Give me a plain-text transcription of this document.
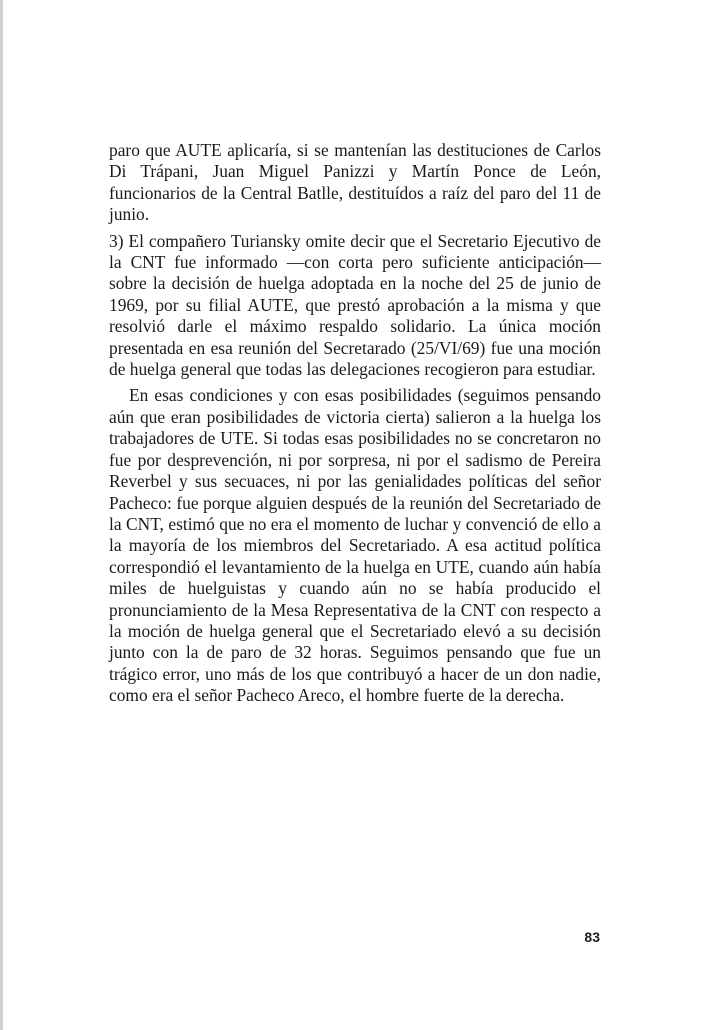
paro que AUTE aplicaría, si se mantenían las destituciones de Carlos Di Trápani, Juan Miguel Panizzi y Martín Ponce de León, funcionarios de la Central Batlle, destituídos a raíz del paro del 11 de junio.

3) El compañero Turiansky omite decir que el Secretario Ejecutivo de la CNT fue informado —con corta pero suficiente anticipación— sobre la decisión de huelga adoptada en la noche del 25 de junio de 1969, por su filial AUTE, que prestó aprobación a la misma y que resolvió darle el máximo respaldo solidario. La única moción presentada en esa reunión del Secretarado (25/VI/69) fue una moción de huelga general que todas las delegaciones recogieron para estudiar.

En esas condiciones y con esas posibilidades (seguimos pensando aún que eran posibilidades de victoria cierta) salieron a la huelga los trabajadores de UTE. Si todas esas posibilidades no se concretaron no fue por desprevención, ni por sorpresa, ni por el sadismo de Pereira Reverbel y sus secuaces, ni por las genialidades políticas del señor Pacheco: fue porque alguien después de la reunión del Secretariado de la CNT, estimó que no era el momento de luchar y convenció de ello a la mayoría de los miembros del Secretariado. A esa actitud política correspondió el levantamiento de la huelga en UTE, cuando aún había miles de huelguistas y cuando aún no se había producido el pronunciamiento de la Mesa Representativa de la CNT con respecto a la moción de huelga general que el Secretariado elevó a su decisión junto con la de paro de 32 horas. Seguimos pensando que fue un trágico error, uno más de los que contribuyó a hacer de un don nadie, como era el señor Pacheco Areco, el hombre fuerte de la derecha.

83
